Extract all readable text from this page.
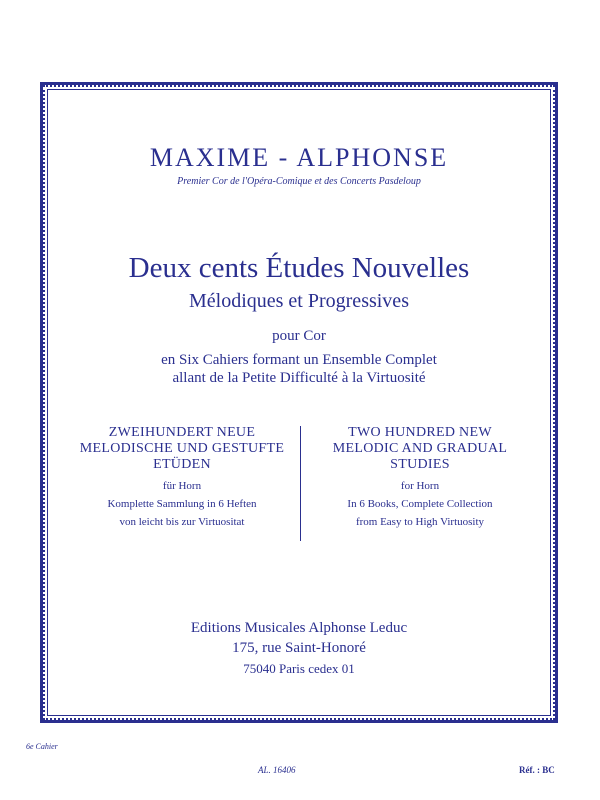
MAXIME - ALPHONSE
Premier Cor de l'Opéra-Comique et des Concerts Pasdeloup
Deux cents Études Nouvelles
Mélodiques et Progressives
pour Cor
en Six Cahiers formant un Ensemble Complet
allant de la Petite Difficulté à la Virtuosité
ZWEIHUNDERT NEUE
MELODISCHE UND GESTUFTE
ETÜDEN
für Horn
Komplette Sammlung in 6 Heften
von leicht bis zur Virtuositat
TWO HUNDRED NEW
MELODIC AND GRADUAL
STUDIES
for Horn
In 6 Books, Complete Collection
from Easy to High Virtuosity
Editions Musicales Alphonse Leduc
175, rue Saint-Honoré
75040 Paris cedex 01
6e Cahier
AL. 16406	Réf. : BC
